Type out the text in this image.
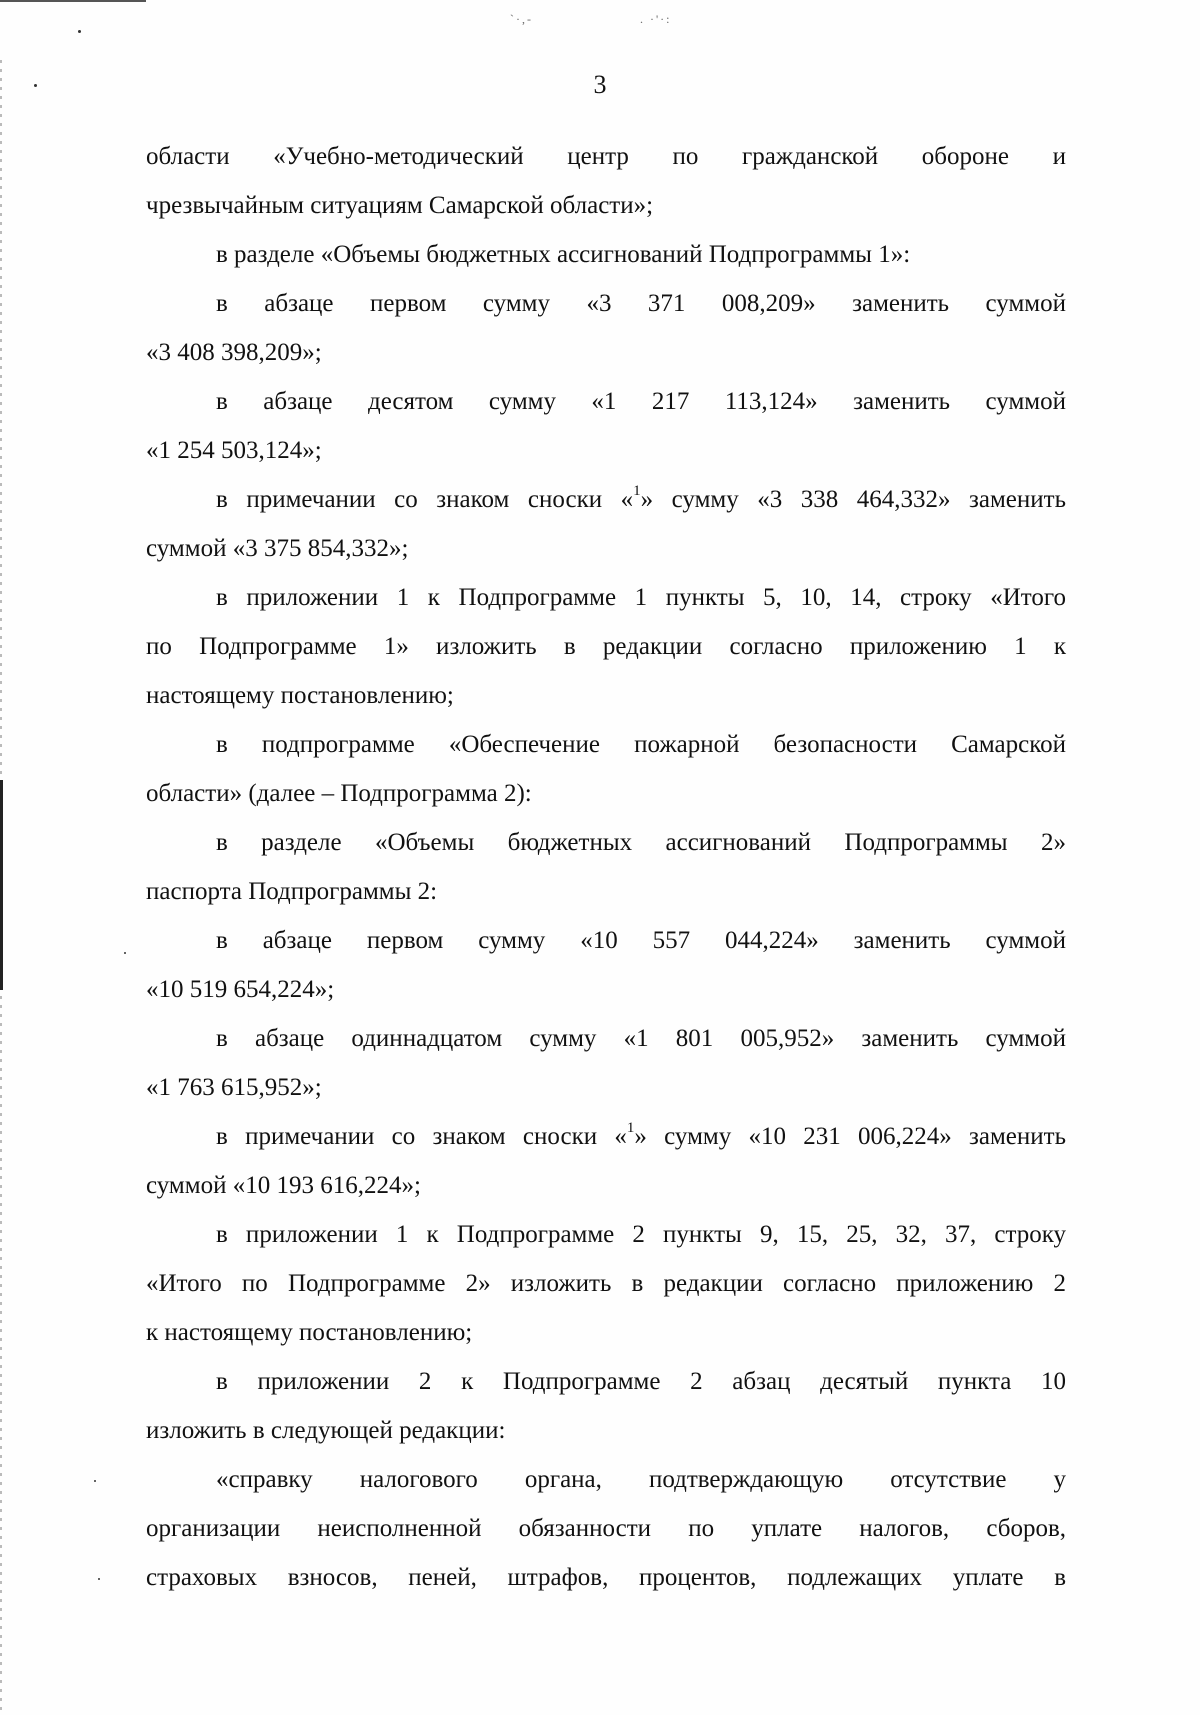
`·,-	. ·'·:
3

области «Учебно-методический центр по гражданской обороне и
чрезвычайным ситуациям Самарской области»;

в разделе «Объемы бюджетных ассигнований Подпрограммы 1»:

в абзаце первом сумму «3 371 008,209» заменить суммой
«3 408 398,209»;

в абзаце десятом сумму «1 217 113,124» заменить суммой
«1 254 503,124»;

в примечании со знаком сноски «$^1$» сумму «3 338 464,332» заменить
суммой «3 375 854,332»;

в приложении 1 к Подпрограмме 1 пункты 5, 10, 14, строку «Итого
по Подпрограмме 1» изложить в редакции согласно приложению 1 к
настоящему постановлению;

в подпрограмме «Обеспечение пожарной безопасности Самарской
области» (далее – Подпрограмма 2):

в разделе «Объемы бюджетных ассигнований Подпрограммы 2»
паспорта Подпрограммы 2:

в абзаце первом сумму «10 557 044,224» заменить суммой
«10 519 654,224»;

в абзаце одиннадцатом сумму «1 801 005,952» заменить суммой
«1 763 615,952»;

в примечании со знаком сноски «$^1$» сумму «10 231 006,224» заменить
суммой «10 193 616,224»;

в приложении 1 к Подпрограмме 2 пункты 9, 15, 25, 32, 37, строку
«Итого по Подпрограмме 2» изложить в редакции согласно приложению 2
к настоящему постановлению;

в приложении 2 к Подпрограмме 2 абзац десятый пункта 10
изложить в следующей редакции:

«справку налогового органа, подтверждающую отсутствие у
организации неисполненной обязанности по уплате налогов, сборов,
страховых взносов, пеней, штрафов, процентов, подлежащих уплате в
